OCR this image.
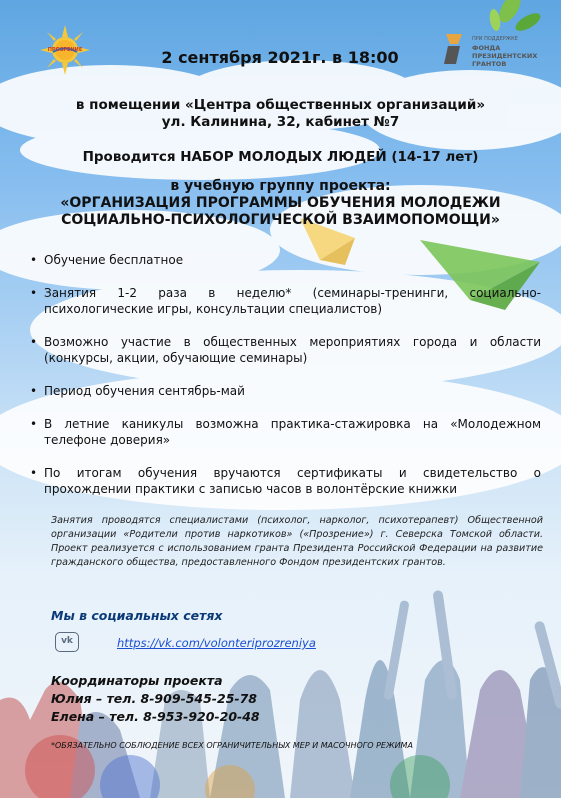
ПРОЗРЕНИЕ	2 сентября 2021г. в 18:00
ПРИ ПОДДЕРЖКЕ
ФОНДА ПРЕЗИДЕНТСКИХ ГРАНТОВ
в помещении «Центра общественных организаций»
ул. Калинина, 32, кабинет №7
Проводится НАБОР МОЛОДЫХ ЛЮДЕЙ (14-17 лет)
в учебную группу проекта:
«ОРГАНИЗАЦИЯ ПРОГРАММЫ ОБУЧЕНИЯ МОЛОДЕЖИ
СОЦИАЛЬНО-ПСИХОЛОГИЧЕСКОЙ ВЗАИМОПОМОЩИ»
• Обучение бесплатное
• Занятия 1-2 раза в неделю* (семинары-тренинги, социально-психологические игры, консультации специалистов)
• Возможно участие в общественных мероприятиях города и области (конкурсы, акции, обучающие семинары)
• Период обучения сентябрь-май
• В летние каникулы возможна практика-стажировка на «Молодежном телефоне доверия»
• По итогам обучения вручаются сертификаты и свидетельство о прохождении практики с записью часов в волонтёрские книжки
Занятия проводятся специалистами (психолог, нарколог, психотерапевт) Общественной организации «Родители против наркотиков» («Прозрение») г. Северска Томской области. Проект реализуется с использованием гранта Президента Российской Федерации на развитие гражданского общества, предоставленного Фондом президентских грантов.
Мы в социальных сетях
vk	https://vk.com/volonteriprozreniya
Координаторы проекта
Юлия – тел. 8-909-545-25-78
Елена – тел. 8-953-920-20-48
*ОБЯЗАТЕЛЬНО СОБЛЮДЕНИЕ ВСЕХ ОГРАНИЧИТЕЛЬНЫХ МЕР И МАСОЧНОГО РЕЖИМА
